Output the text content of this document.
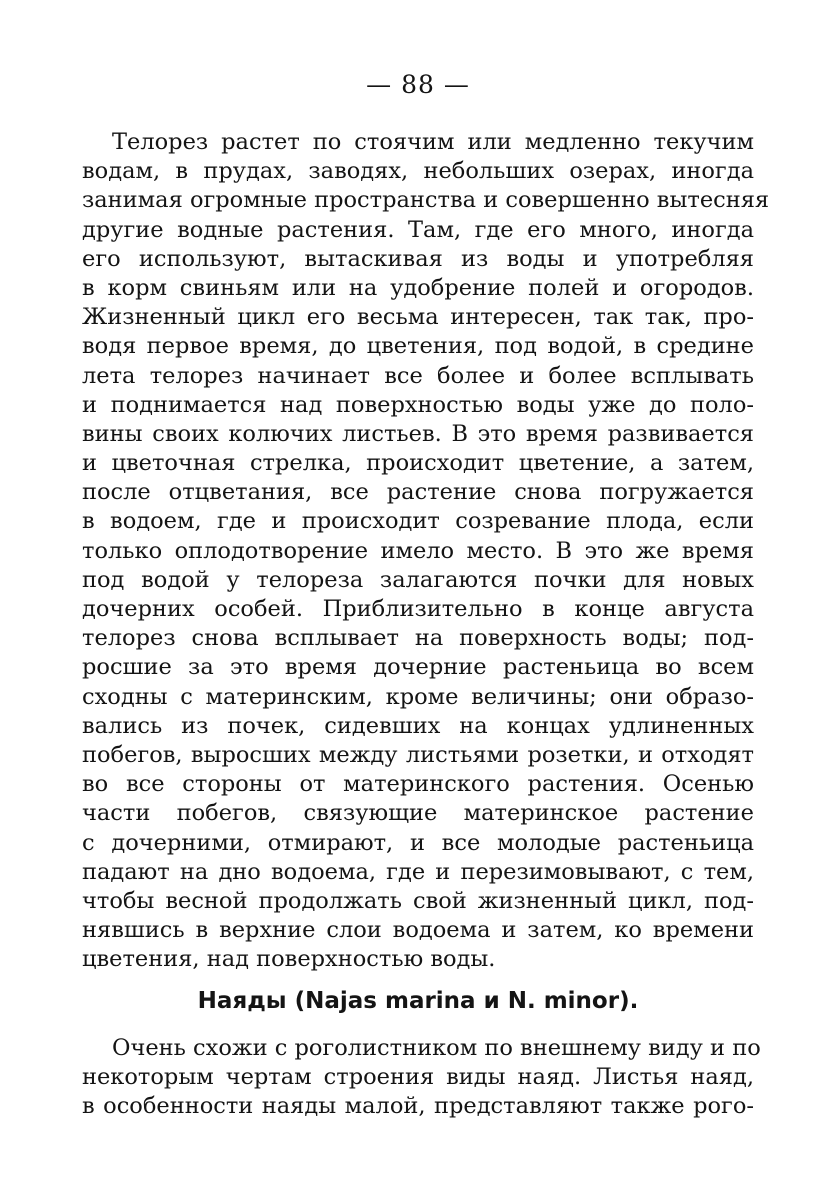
— 88 —
Телорез растет по стоячим или медленно текучим
водам, в прудах, заводях, небольших озерах, иногда
занимая огромные пространства и совершенно вытесняя
другие водные растения. Там, где его много, иногда
его используют, вытаскивая из воды и употребляя
в корм свиньям или на удобрение полей и огородов.
Жизненный цикл его весьма интересен, так так, про-
водя первое время, до цветения, под водой, в средине
лета телорез начинает все более и более всплывать
и поднимается над поверхностью воды уже до поло-
вины своих колючих листьев. В это время развивается
и цветочная стрелка, происходит цветение, а затем,
после отцветания, все растение снова погружается
в водоем, где и происходит созревание плода, если
только оплодотворение имело место. В это же время
под водой у телореза залагаются почки для новых
дочерних особей. Приблизительно в конце августа
телорез снова всплывает на поверхность воды; под-
росшие за это время дочерние растеньица во всем
сходны с материнским, кроме величины; они образо-
вались из почек, сидевших на концах удлиненных
побегов, выросших между листьями розетки, и отходят
во все стороны от материнского растения. Осенью
части побегов, связующие материнское растение
с дочерними, отмирают, и все молодые растеньица
падают на дно водоема, где и перезимовывают, с тем,
чтобы весной продолжать свой жизненный цикл, под-
нявшись в верхние слои водоема и затем, ко времени
цветения, над поверхностью воды.
Наяды (Najas marina и N. minor).
Очень схожи с роголистником по внешнему виду и по
некоторым чертам строения виды наяд. Листья наяд,
в особенности наяды малой, представляют также рого-
